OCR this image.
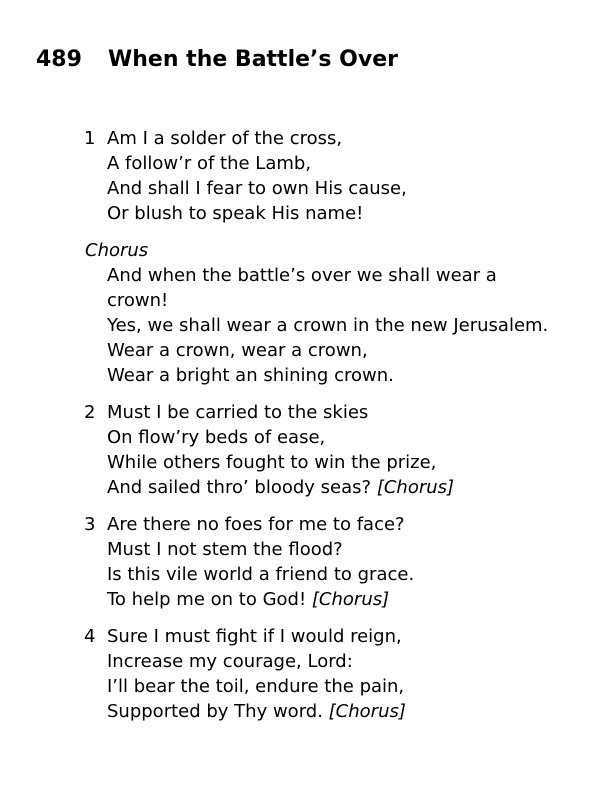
489	When the Battle’s Over
1 Am I a solder of the cross,
A follow’r of the Lamb,
And shall I fear to own His cause,
Or blush to speak His name!
Chorus
And when the battle’s over we shall wear a
crown!
Yes, we shall wear a crown in the new Jerusalem.
Wear a crown, wear a crown,
Wear a bright an shining crown.
2 Must I be carried to the skies
On flow’ry beds of ease,
While others fought to win the prize,
And sailed thro’ bloody seas? [Chorus]
3 Are there no foes for me to face?
Must I not stem the flood?
Is this vile world a friend to grace.
To help me on to God! [Chorus]
4 Sure I must fight if I would reign,
Increase my courage, Lord:
I’ll bear the toil, endure the pain,
Supported by Thy word. [Chorus]
